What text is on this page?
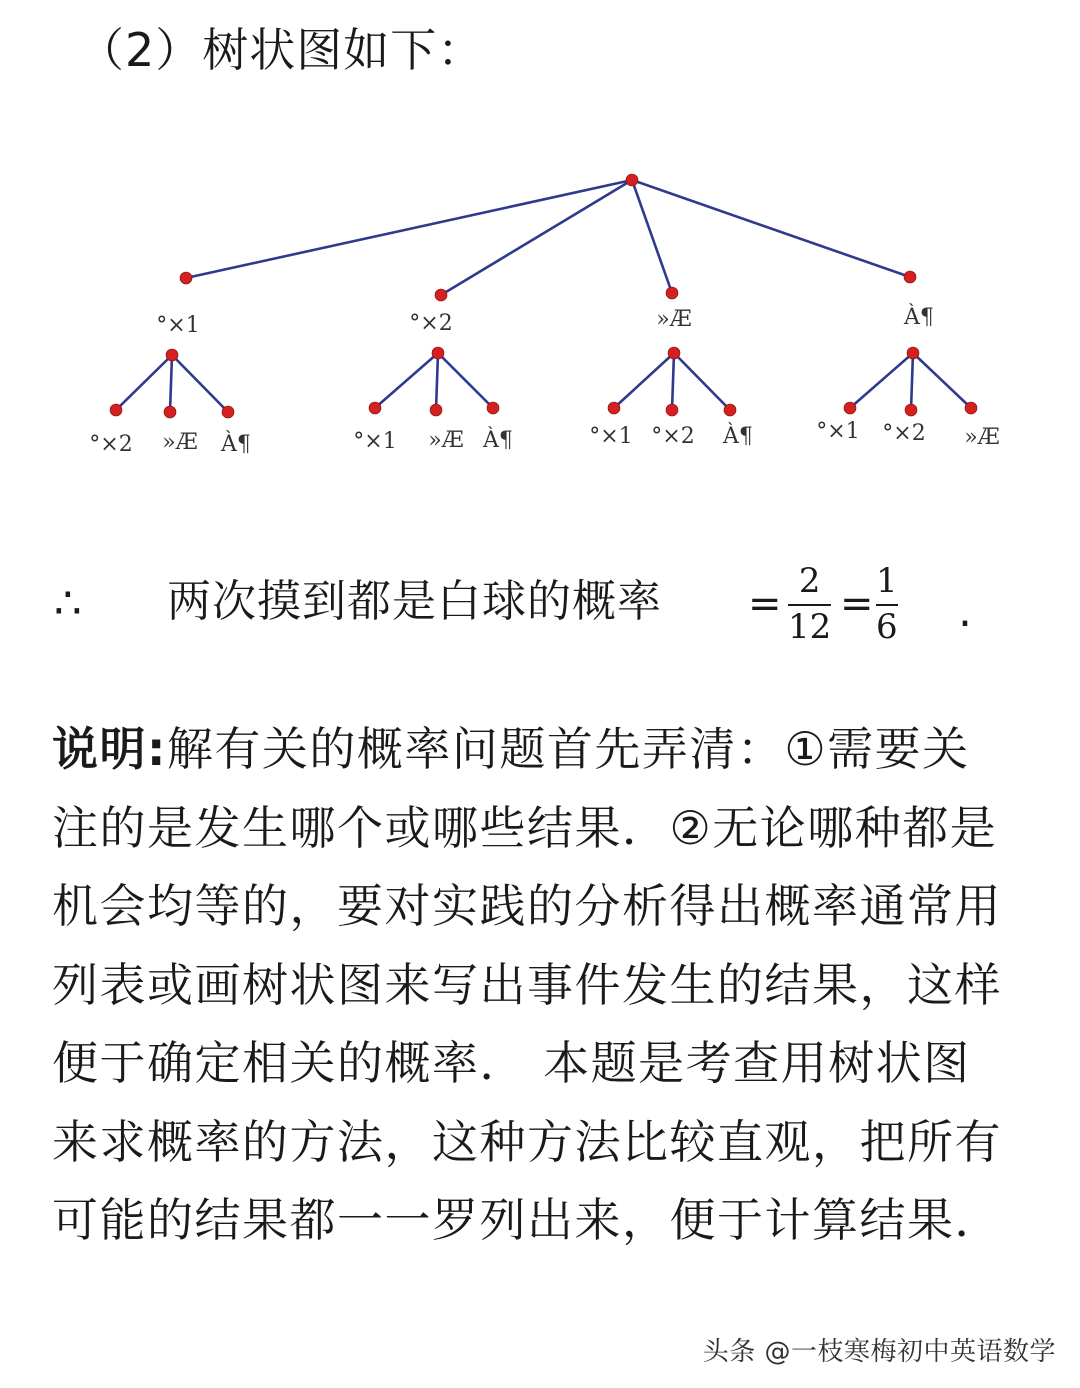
（2）树状图如下：
°×1	°×2	»Æ	À¶
°×2 »Æ À¶	°×1 »Æ À¶	°×1 °×2 À¶	°×1 °×2 »Æ
∴ 两次摸到都是白球的概率 = 2
12 = 1
6 .

说明:解有关的概率问题首先弄清：①需要关注的是发生哪个或哪些结果．②无论哪种都是机会均等的，要对实践的分析得出概率通常用列表或画树状图来写出事件发生的结果，这样便于确定相关的概率． 本题是考查用树状图来求概率的方法，这种方法比较直观，把所有可能的结果都一一罗列出来，便于计算结果．

头条 @一枝寒梅初中英语数学
